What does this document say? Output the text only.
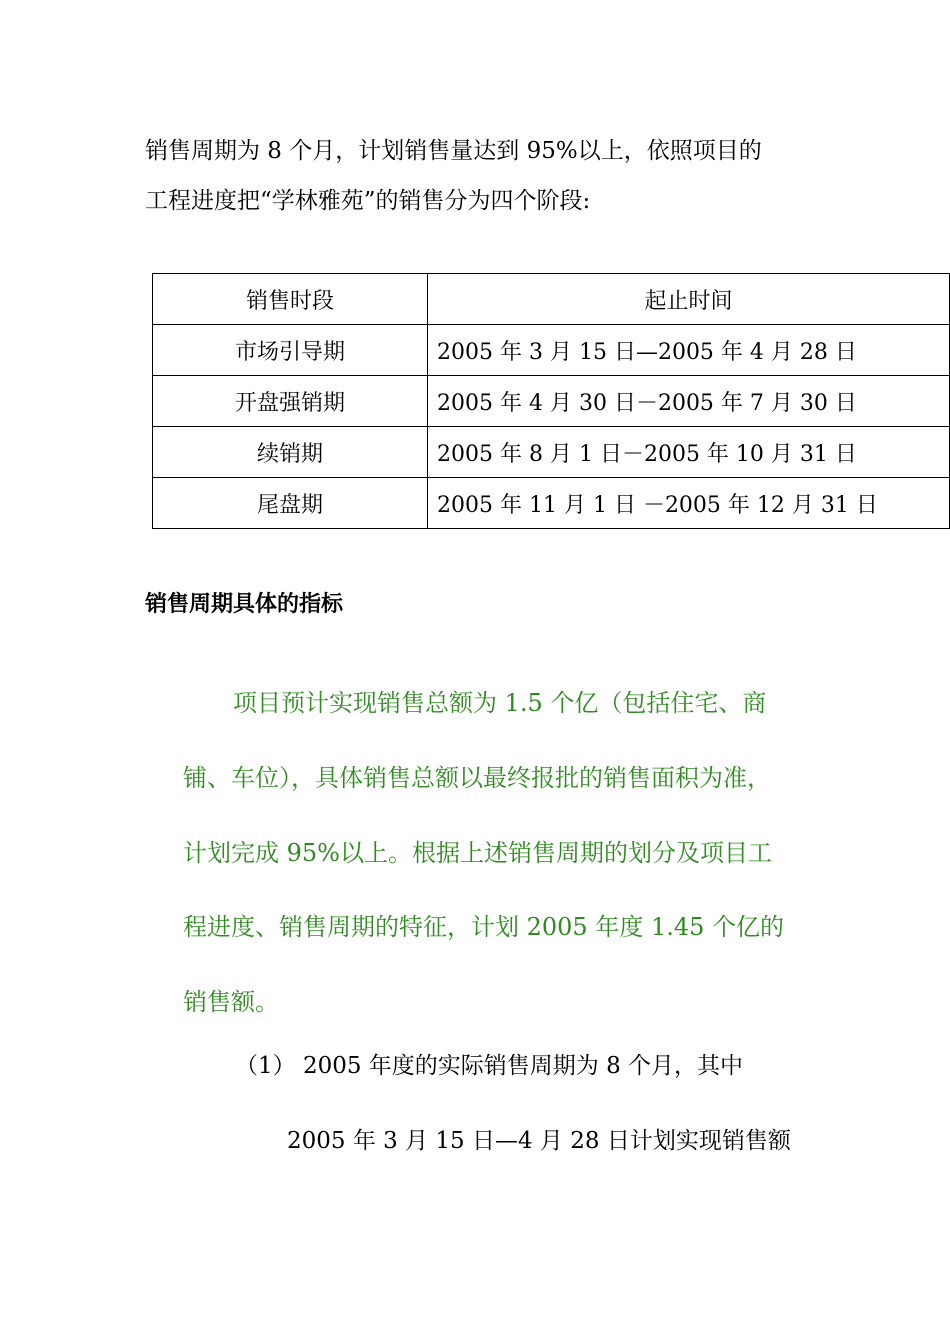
销售周期为 8 个月，计划销售量达到 95%以上，依照项目的
工程进度把“学林雅苑”的销售分为四个阶段:
销售时段	起止时间
市场引导期	2005 年 3 月 15 日—2005 年 4 月 28 日
开盘强销期	2005 年 4 月 30 日－2005 年 7 月 30 日
续销期	2005 年 8 月 1 日－2005 年 10 月 31 日
尾盘期	2005 年 11 月 1 日 －2005 年 12 月 31 日
销售周期具体的指标
项目预计实现销售总额为 1.5 个亿（包括住宅、商
铺、车位），具体销售总额以最终报批的销售面积为准，
计划完成 95%以上。根据上述销售周期的划分及项目工
程进度、销售周期的特征，计划 2005 年度 1.45 个亿的
销售额。
（1） 2005 年度的实际销售周期为 8 个月，其中
2005 年 3 月 15 日—4 月 28 日计划实现销售额
